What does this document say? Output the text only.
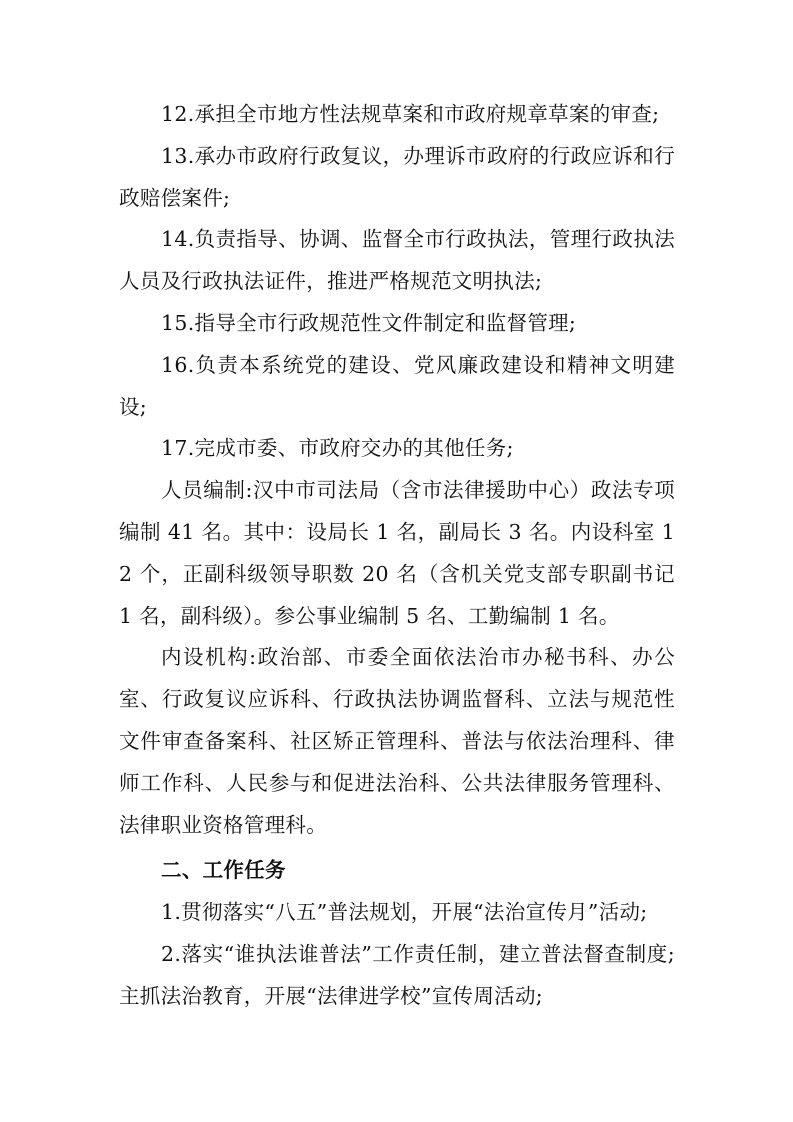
12.承担全市地方性法规草案和市政府规章草案的审查;

13.承办市政府行政复议，办理诉市政府的行政应诉和行政赔偿案件;

14.负责指导、协调、监督全市行政执法，管理行政执法人员及行政执法证件，推进严格规范文明执法;

15.指导全市行政规范性文件制定和监督管理;

16.负责本系统党的建设、党风廉政建设和精神文明建设;

17.完成市委、市政府交办的其他任务;

人员编制:汉中市司法局（含市法律援助中心）政法专项编制 41 名。其中：设局长 1 名，副局长 3 名。内设科室 12 个，正副科级领导职数 20 名（含机关党支部专职副书记 1 名，副科级）。参公事业编制 5 名、工勤编制 1 名。

内设机构:政治部、市委全面依法治市办秘书科、办公室、行政复议应诉科、行政执法协调监督科、立法与规范性文件审查备案科、社区矫正管理科、普法与依法治理科、律师工作科、人民参与和促进法治科、公共法律服务管理科、法律职业资格管理科。

二、工作任务

1.贯彻落实“八五”普法规划，开展“法治宣传月”活动;

2.落实“谁执法谁普法”工作责任制，建立普法督查制度;主抓法治教育，开展“法律进学校”宣传周活动;
